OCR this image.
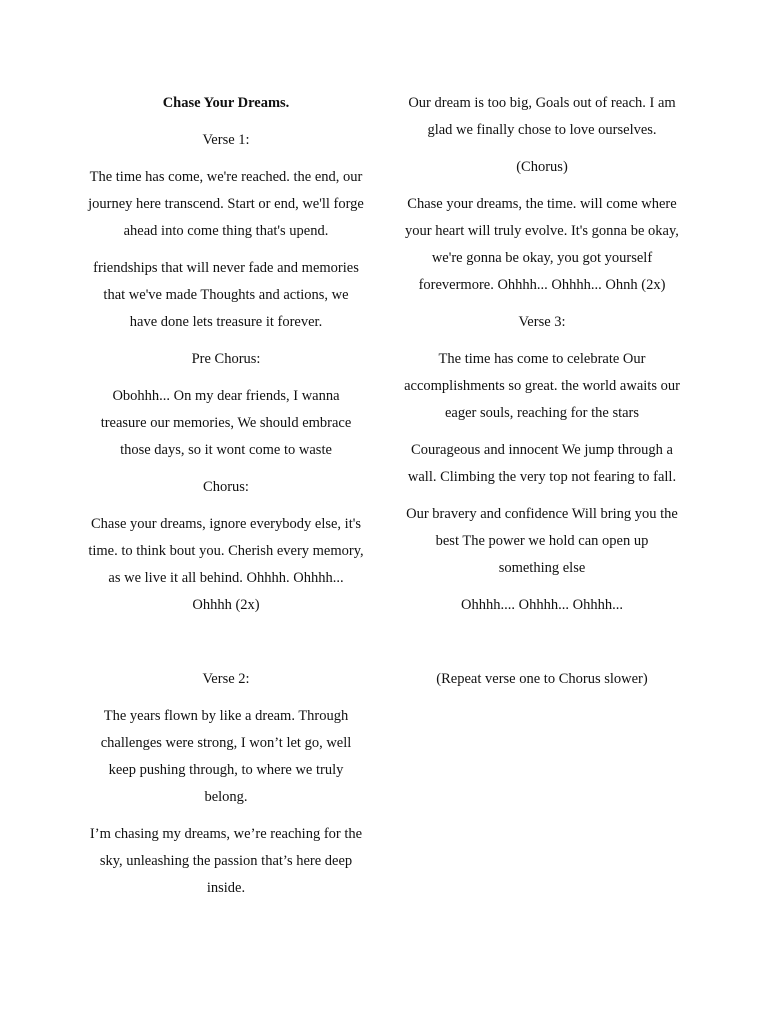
Chase Your Dreams.

Verse 1:

The time has come, we're reached. the end, our journey here transcend. Start or end, we'll forge ahead into come thing that's upend.

friendships that will never fade and memories that we've made Thoughts and actions, we have done lets treasure it forever.

Pre Chorus:

Obohhh... On my dear friends, I wanna treasure our memories, We should embrace those days, so it wont come to waste

Chorus:

Chase your dreams, ignore everybody else, it's time. to think bout you. Cherish every memory, as we live it all behind. Ohhhh. Ohhhh... Ohhhh (2x)

Verse 2:

The years flown by like a dream. Through challenges were strong, I won’t let go, well keep pushing through, to where we truly belong.

I’m chasing my dreams, we’re reaching for the sky, unleashing the passion that’s here deep inside.

Our dream is too big, Goals out of reach. I am glad we finally chose to love ourselves.

(Chorus)

Chase your dreams, the time. will come where your heart will truly evolve. It's gonna be okay, we're gonna be okay, you got yourself forevermore. Ohhhh... Ohhhh... Ohnh (2x)

Verse 3:

The time has come to celebrate Our accomplishments so great. the world awaits our eager souls, reaching for the stars

Courageous and innocent We jump through a wall. Climbing the very top not fearing to fall.

Our bravery and confidence Will bring you the best The power we hold can open up something else

Ohhhh.... Ohhhh... Ohhhh...

(Repeat verse one to Chorus slower)
